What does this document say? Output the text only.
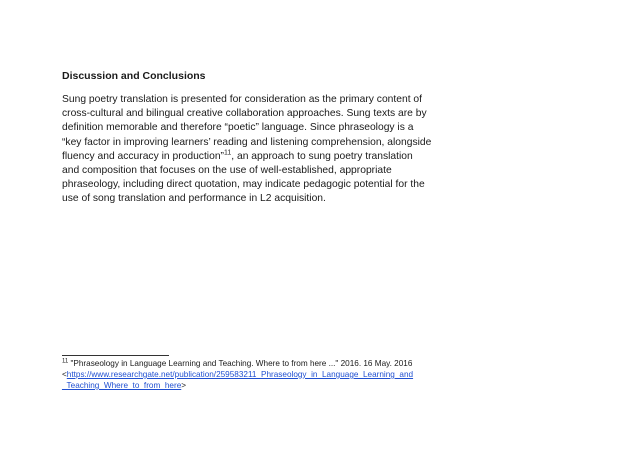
Discussion and Conclusions
Sung poetry translation is presented for consideration as the primary content of
cross-cultural and bilingual creative collaboration approaches. Sung texts are by
definition memorable and therefore “poetic” language. Since phraseology is a
“key factor in improving learners’ reading and listening comprehension, alongside
fluency and accuracy in production”$^{11}$, an approach to sung poetry translation
and composition that focuses on the use of well-established, appropriate
phraseology, including direct quotation, may indicate pedagogic potential for the
use of song translation and performance in L2 acquisition.
$^{11}$ "Phraseology in Language Learning and Teaching. Where to from here ..." 2016. 16 May. 2016
<https://www.researchgate.net/publication/259583211_Phraseology_in_Language_Learning_and
_Teaching_Where_to_from_here>
